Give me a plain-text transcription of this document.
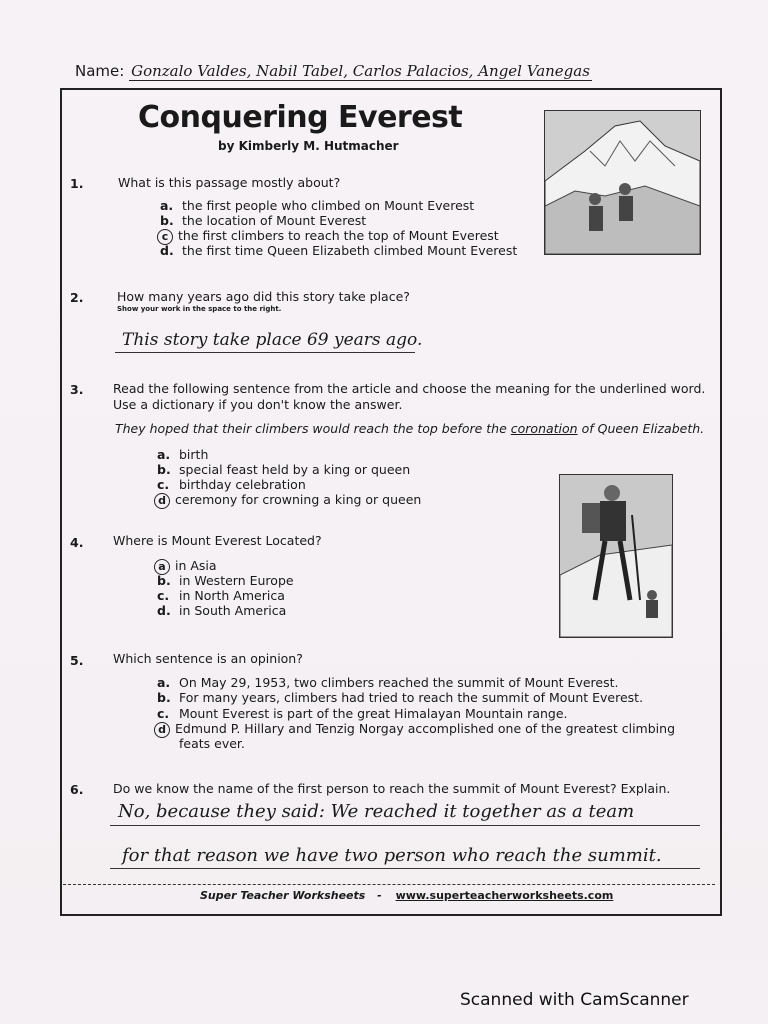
Name: Gonzalo Valdes, Nabil Tabel, Carlos Palacios, Angel Vanegas
Conquering Everest
by Kimberly M. Hutmacher
1.	What is this passage mostly about?
a. the first people who climbed on Mount Everest
b. the location of Mount Everest
c the first climbers to reach the top of Mount Everest
d. the first time Queen Elizabeth climbed Mount Everest
2.	How many years ago did this story take place?
Show your work in the space to the right.
This story take place 69 years ago.
3. Read the following sentence from the article and choose the meaning for the underlined word.
Use a dictionary if you don't know the answer.
They hoped that their climbers would reach the top before the coronation of Queen Elizabeth.
a. birth
b. special feast held by a king or queen
c. birthday celebration
d ceremony for crowning a king or queen
4. Where is Mount Everest Located?
a in Asia
b. in Western Europe
c. in North America
d. in South America
5. Which sentence is an opinion?
a. On May 29, 1953, two climbers reached the summit of Mount Everest.
b. For many years, climbers had tried to reach the summit of Mount Everest.
c. Mount Everest is part of the great Himalayan Mountain range.
d Edmund P. Hillary and Tenzig Norgay accomplished one of the greatest climbing
feats ever.
6. Do we know the name of the first person to reach the summit of Mount Everest? Explain.
No, because they said: We reached it together as a team
for that reason we have two person who reach the summit.
Super Teacher Worksheets - www.superteacherworksheets.com
Scanned with CamScanner
